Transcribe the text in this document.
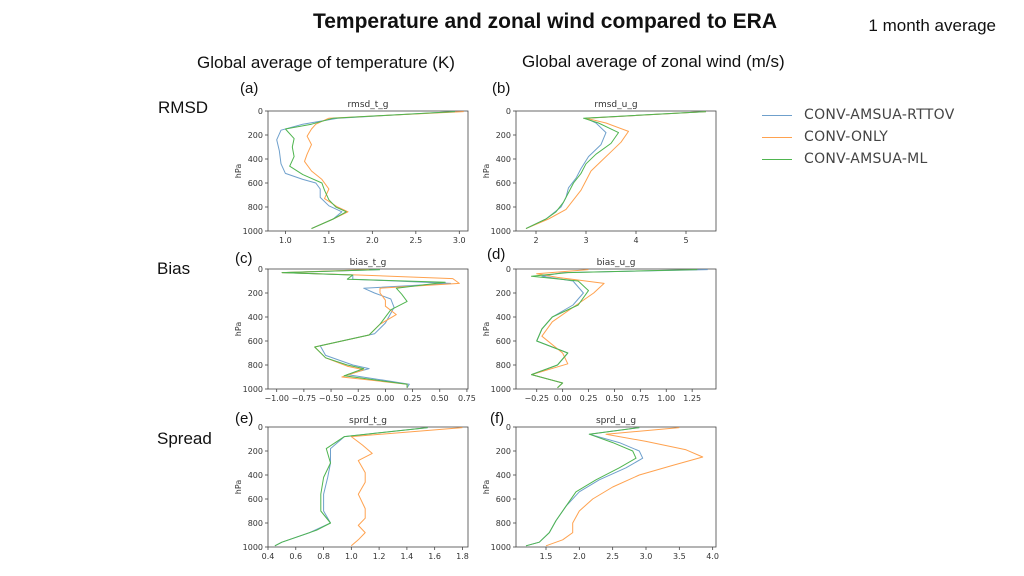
Temperature and zonal wind compared to ERA	1 month average
Global average of temperature (K)	Global average of zonal wind (m/s)
RMSD
Bias
Spread
(a)	(b)
(c)	(d)
(e)	(f)
rmsd_t_g
hPa
0
200
400
600
800
1000
1.0	1.5	2.0	2.5	3.0
rmsd_u_g
hPa
0
200
400
600
800
1000
2	3	4	5
bias_t_g
hPa
0
200
400
600
800
1000
−1.00 −0.75 −0.50 −0.25 0.00 0.25 0.50 0.75
bias_u_g
hPa
0
200
400
600
800
1000
−0.25 0.00 0.25 0.50 0.75 1.00 1.25
sprd_t_g
hPa
0
200
400
600
800
1000
0.4 0.6 0.8 1.0 1.2 1.4 1.6 1.8
sprd_u_g
hPa
0
200
400
600
800
1000
1.5	2.0	2.5	3.0	3.5	4.0
CONV-AMSUA-RTTOV
CONV-ONLY
CONV-AMSUA-ML
